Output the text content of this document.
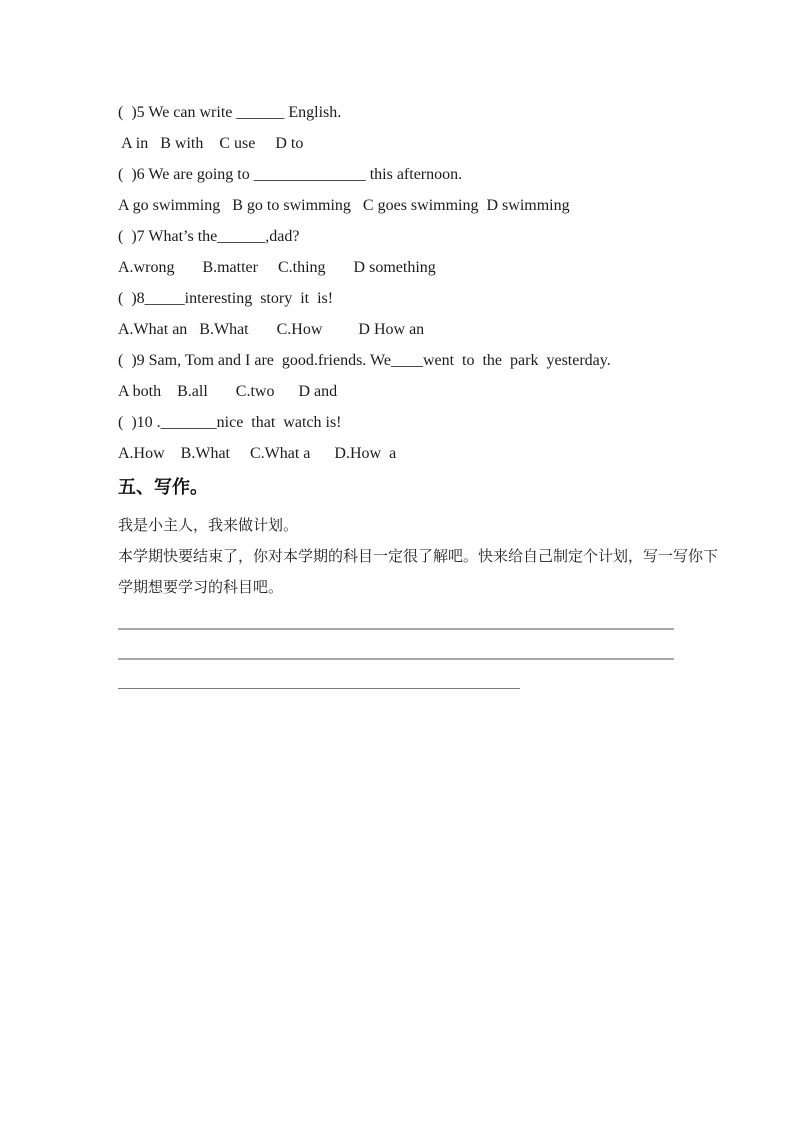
(  )5 We can write ______ English.
A in   B with    C use     D to
(  )6 We are going to ______________ this afternoon.
A go swimming   B go to swimming   C goes swimming  D swimming
(  )7 What’s the______,dad?
A.wrong       B.matter     C.thing       D something
(  )8_____interesting  story  it  is!
A.What an   B.What       C.How         D How an
(  )9 Sam, Tom and I are  good.friends. We____went  to  the  park  yesterday.
A both    B.all       C.two      D and
(  )10 ._______nice  that  watch is!
A.How    B.What     C.What a      D.How  a
五、写作。
我是小主人，我来做计划。
本学期快要结束了，你对本学期的科目一定很了解吧。快来给自己制定个计划，写一写你下
学期想要学习的科目吧。
